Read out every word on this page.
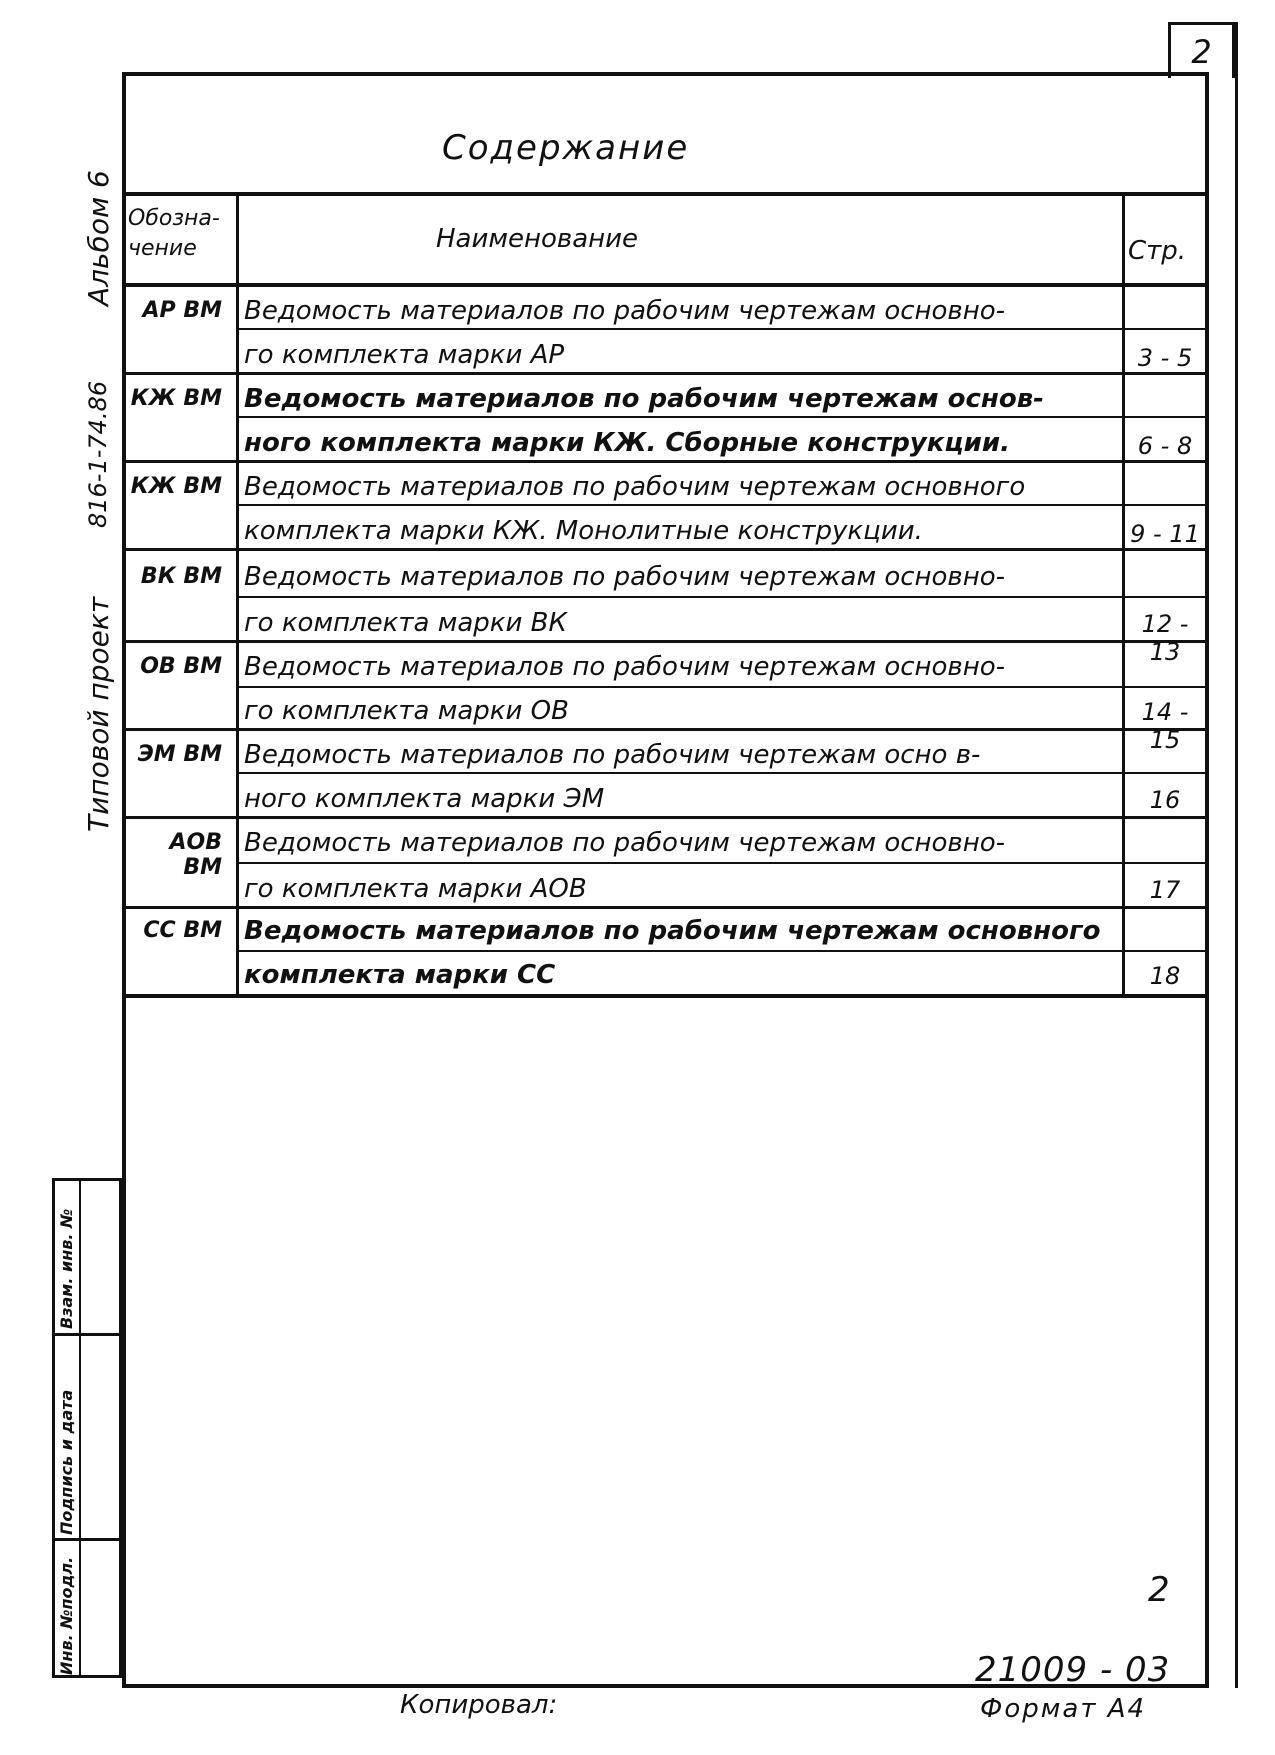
2
Содержание
Обозна-
чение	Наименование	Стр.
АР ВМ Ведомость материалов по рабочим чертежам основно-
го комплекта марки АР	3 - 5
КЖ ВМ Ведомость материалов по рабочим чертежам основ-
ного комплекта марки КЖ. Сборные конструкции.	6 - 8
КЖ ВМ Ведомость материалов по рабочим чертежам основного
комплекта марки КЖ. Монолитные конструкции.	9 - 11
ВК ВМ Ведомость материалов по рабочим чертежам основно-
го комплекта марки ВК	12 - 13
ОВ ВМ Ведомость материалов по рабочим чертежам основно-
го комплекта марки ОВ	14 - 15
ЭМ ВМ Ведомость материалов по рабочим чертежам осно в-
ного комплекта марки ЭМ	16
АОВ ВМ
Ведомость материалов по рабочим чертежам основно-
го комплекта марки АОВ	17
СС ВМ Ведомость материалов по рабочим чертежам основного
комплекта марки СС	18
Альбом 6
816-1-74.86
Типовой проект
Взам. инв. №
Подпись и дата
Инв. №подл.	2
21009 - 03
Копировал:	Формат А4
